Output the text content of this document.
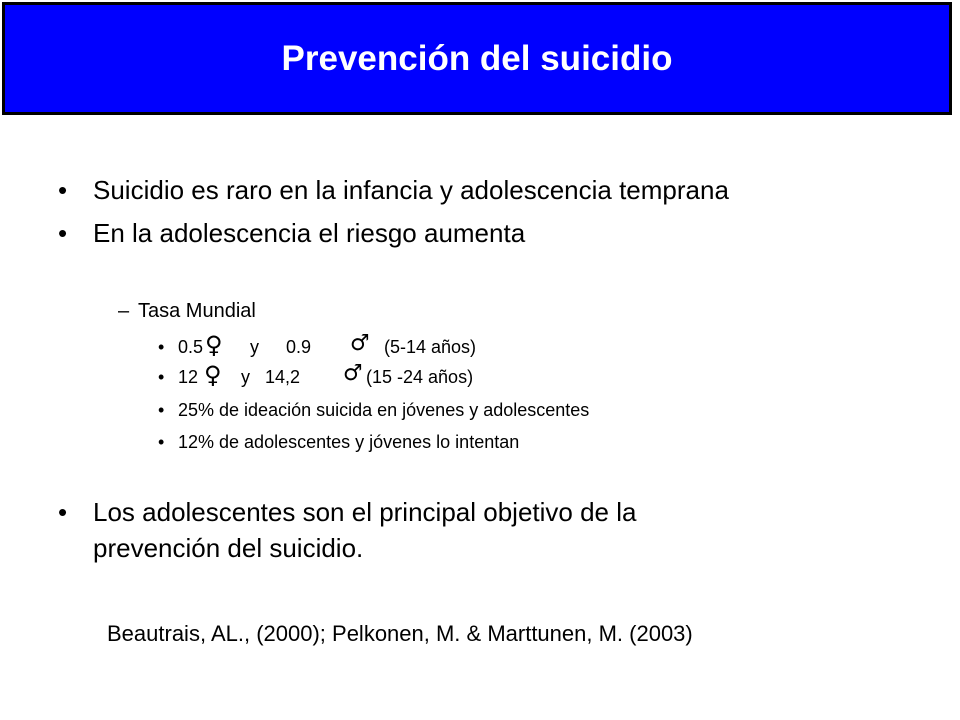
Prevención del suicidio
• Suicidio es raro en la infancia y adolescencia temprana
• En la adolescencia el riesgo aumenta
– Tasa Mundial
• 0.5 ♀ y 0.9 ♂ (5-14 años)
• 12 ♀ y 14,2 ♂ (15 -24 años)
• 25% de ideación suicida en jóvenes y adolescentes
• 12% de adolescentes y jóvenes lo intentan
• Los adolescentes son el principal objetivo de la
prevención del suicidio.
Beautrais, AL., (2000); Pelkonen, M. & Marttunen, M. (2003)
